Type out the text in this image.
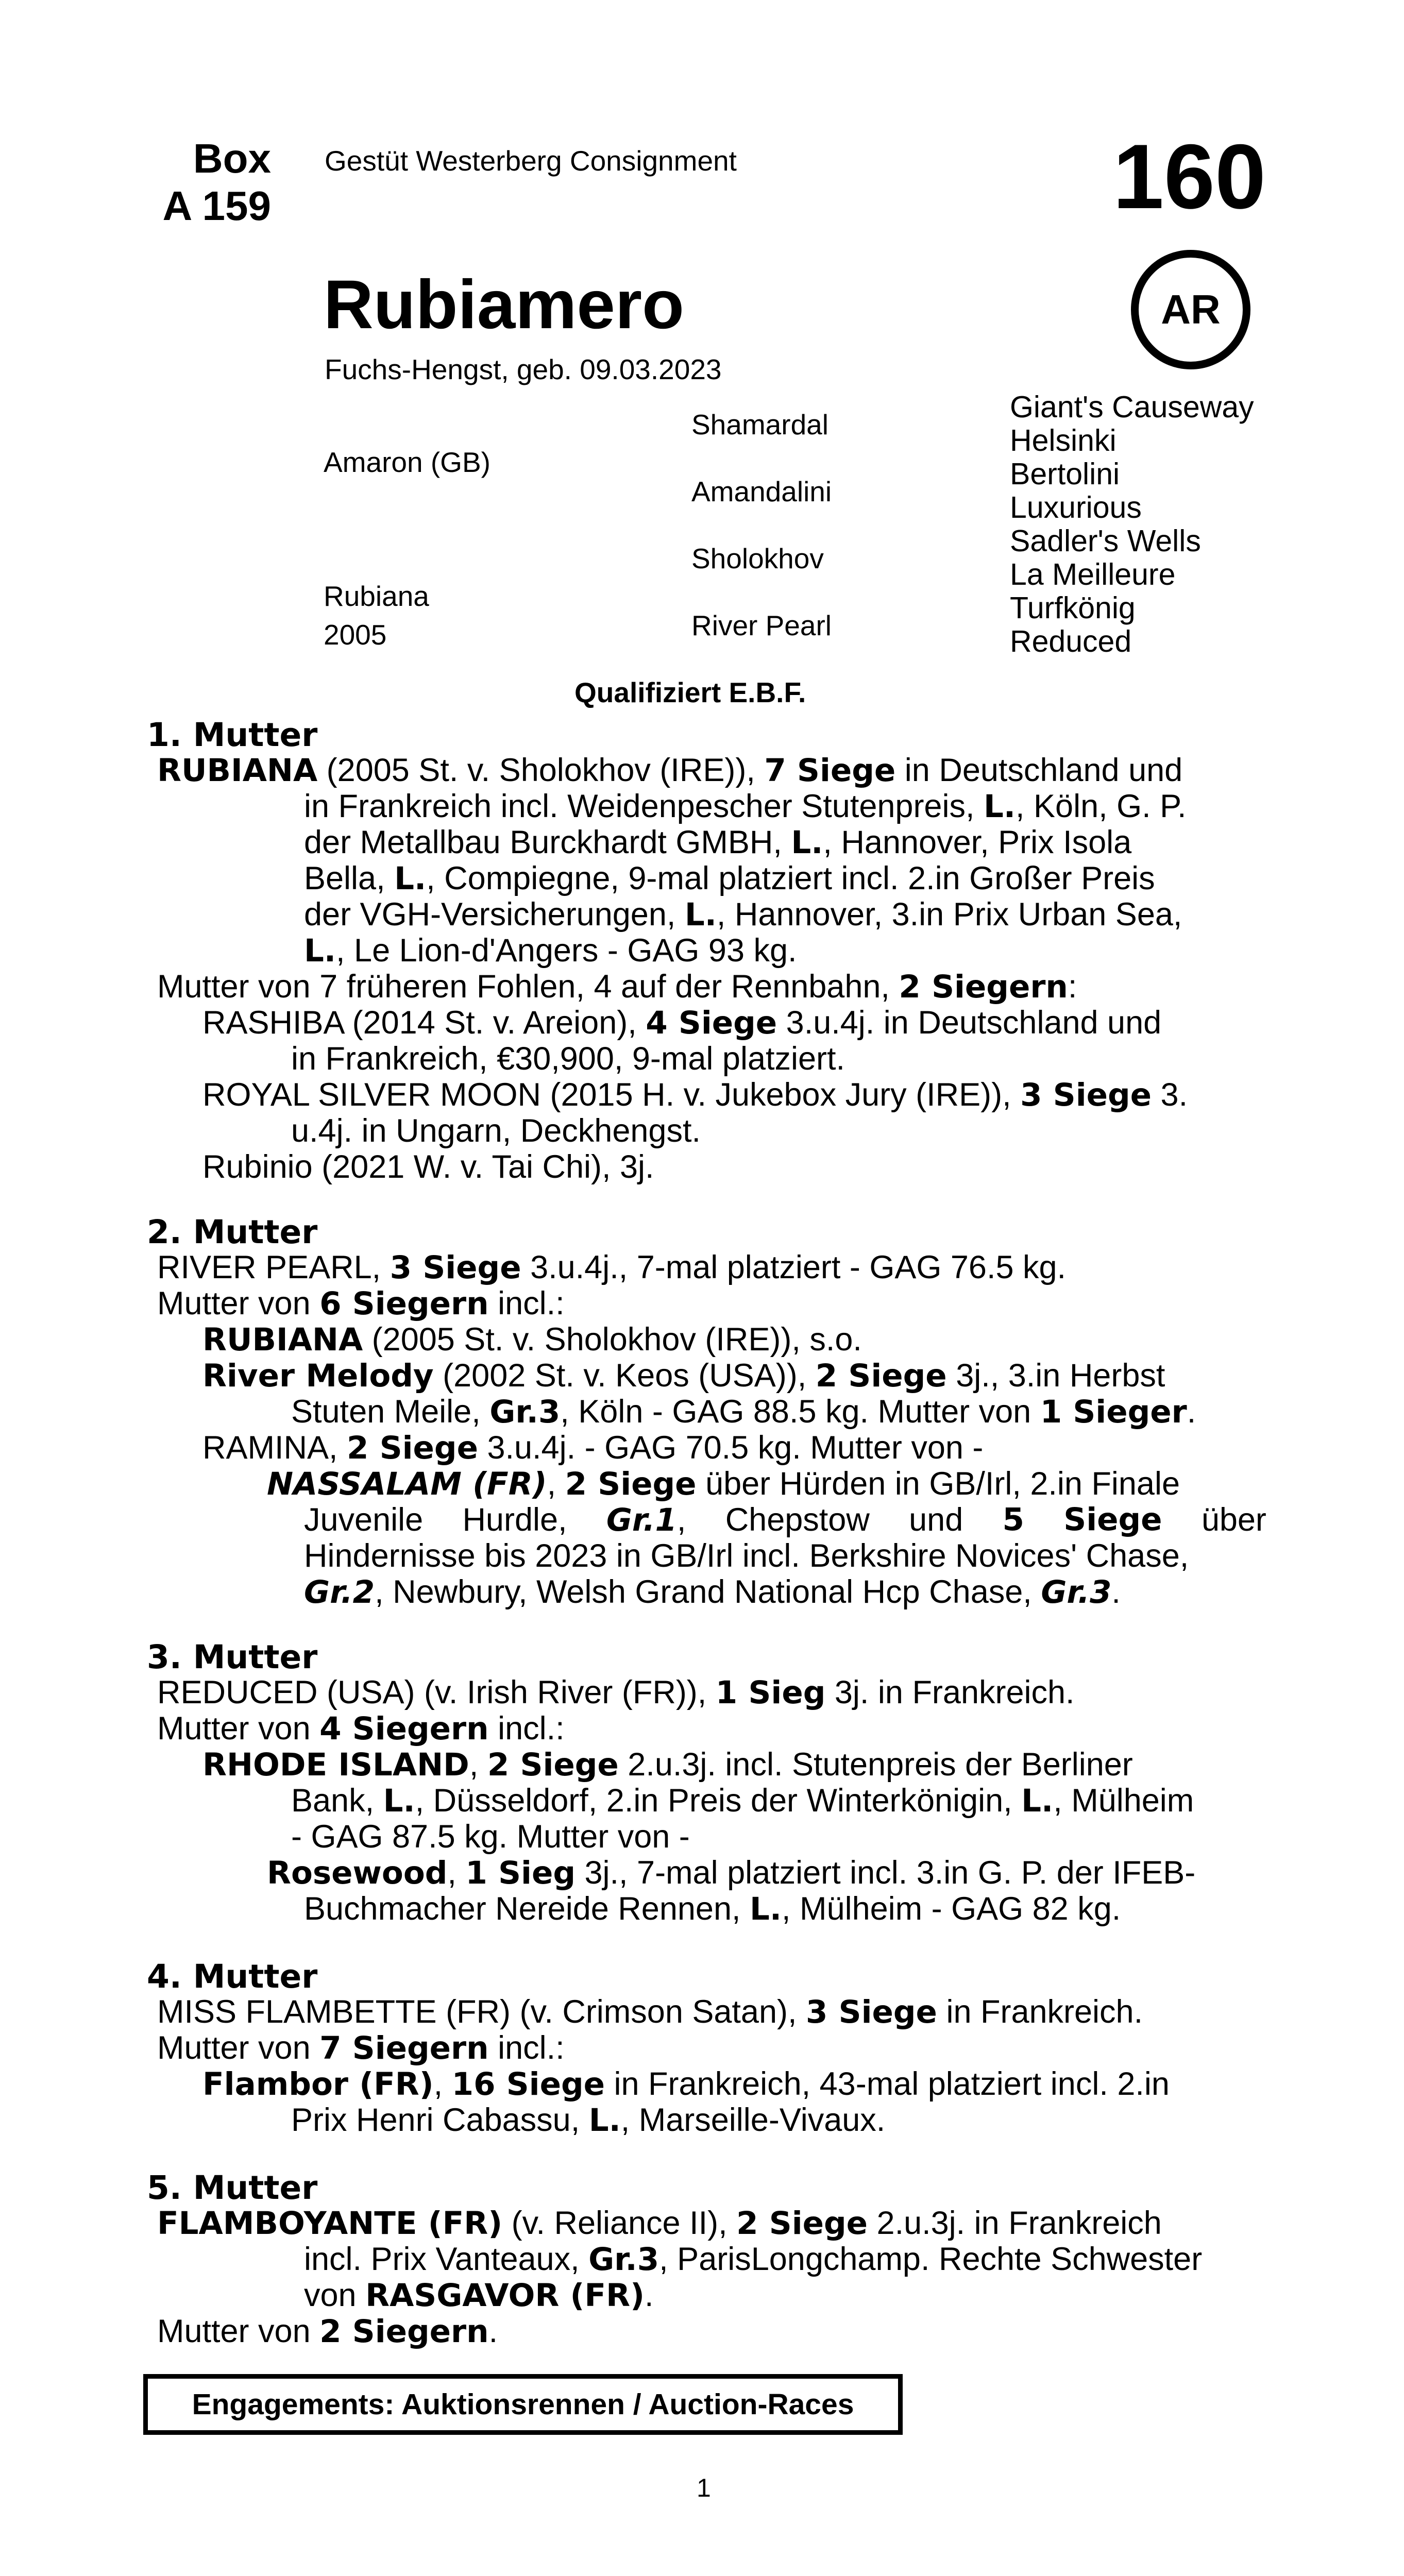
Box
A 159
Gestüt Westerberg Consignment	160
Rubiamero	AR
Fuchs-Hengst, geb. 09.03.2023
Amaron (GB)
Rubiana
2005
Shamardal
Amandalini
Sholokhov
River Pearl
Giant's Causeway
Helsinki
Bertolini
Luxurious
Sadler's Wells
La Meilleure
Turfkönig
Reduced
Qualifiziert E.B.F.
1. Mutter
RUBIANA (2005 St. v. Sholokhov (IRE)), 7 Siege in Deutschland und
in Frankreich incl. Weidenpescher Stutenpreis, L., Köln, G. P.
der Metallbau Burckhardt GMBH, L., Hannover, Prix Isola
Bella, L., Compiegne, 9-mal platziert incl. 2.in Großer Preis
der VGH-Versicherungen, L., Hannover, 3.in Prix Urban Sea,
L., Le Lion-d'Angers - GAG 93 kg.
Mutter von 7 früheren Fohlen, 4 auf der Rennbahn, 2 Siegern:
RASHIBA (2014 St. v. Areion), 4 Siege 3.u.4j. in Deutschland und
in Frankreich, €30,900, 9-mal platziert.
ROYAL SILVER MOON (2015 H. v. Jukebox Jury (IRE)), 3 Siege 3.
u.4j. in Ungarn, Deckhengst.
Rubinio (2021 W. v. Tai Chi), 3j.
2. Mutter
RIVER PEARL, 3 Siege 3.u.4j., 7-mal platziert - GAG 76.5 kg.
Mutter von 6 Siegern incl.:
RUBIANA (2005 St. v. Sholokhov (IRE)), s.o.
River Melody (2002 St. v. Keos (USA)), 2 Siege 3j., 3.in Herbst
Stuten Meile, Gr.3, Köln - GAG 88.5 kg. Mutter von 1 Sieger.
RAMINA, 2 Siege 3.u.4j. - GAG 70.5 kg. Mutter von -
NASSALAM (FR), 2 Siege über Hürden in GB/Irl, 2.in Finale
Juvenile Hurdle, Gr.1, Chepstow und 5 Siege über
Hindernisse bis 2023 in GB/Irl incl. Berkshire Novices' Chase,
Gr.2, Newbury, Welsh Grand National Hcp Chase, Gr.3.
3. Mutter
REDUCED (USA) (v. Irish River (FR)), 1 Sieg 3j. in Frankreich.
Mutter von 4 Siegern incl.:
RHODE ISLAND, 2 Siege 2.u.3j. incl. Stutenpreis der Berliner
Bank, L., Düsseldorf, 2.in Preis der Winterkönigin, L., Mülheim
- GAG 87.5 kg. Mutter von -
Rosewood, 1 Sieg 3j., 7-mal platziert incl. 3.in G. P. der IFEB-
Buchmacher Nereide Rennen, L., Mülheim - GAG 82 kg.
4. Mutter
MISS FLAMBETTE (FR) (v. Crimson Satan), 3 Siege in Frankreich.
Mutter von 7 Siegern incl.:
Flambor (FR), 16 Siege in Frankreich, 43-mal platziert incl. 2.in
Prix Henri Cabassu, L., Marseille-Vivaux.
5. Mutter
FLAMBOYANTE (FR) (v. Reliance II), 2 Siege 2.u.3j. in Frankreich
incl. Prix Vanteaux, Gr.3, ParisLongchamp. Rechte Schwester
von RASGAVOR (FR).
Mutter von 2 Siegern.
Engagements: Auktionsrennen / Auction-Races
1
